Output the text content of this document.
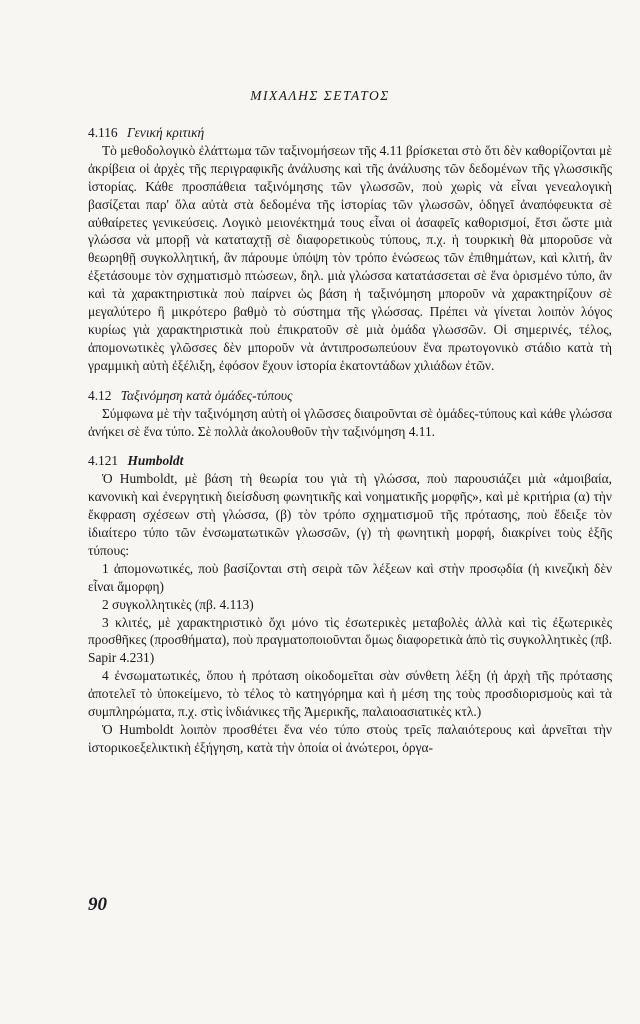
ΜΙΧΑΛΗΣ ΣΕΤΑΤΟΣ

4.116 Γενική κριτική

Τὸ μεθοδολογικὸ ἐλάττωμα τῶν ταξινομήσεων τῆς 4.11 βρίσκεται στὸ ὅτι δὲν καθορίζονται μὲ ἀκρίβεια οἱ ἀρχὲς τῆς περιγραφικῆς ἀνάλυσης καὶ τῆς ἀνάλυσης τῶν δεδομένων τῆς γλωσσικῆς ἱστορίας. Κάθε προσπάθεια ταξινόμησης τῶν γλωσσῶν, ποὺ χωρὶς νὰ εἶναι γενεαλογικὴ βασίζεται παρ' ὅλα αὐτὰ στὰ δεδομένα τῆς ἱστορίας τῶν γλωσσῶν, ὁδηγεῖ ἀναπόφευκτα σὲ αὐθαίρετες γενικεύσεις. Λογικὸ μειονέκτημά τους εἶναι οἱ ἀσαφεῖς καθορισμοί, ἔτσι ὥστε μιὰ γλώσσα νὰ μπορῇ νὰ καταταχτῇ σὲ διαφορετικοὺς τύπους, π.χ. ἡ τουρκικὴ θὰ μποροῦσε νὰ θεωρηθῇ συγκολλητική, ἂν πάρουμε ὑπόψη τὸν τρόπο ἑνώσεως τῶν ἐπιθημάτων, καὶ κλιτή, ἂν ἐξετάσουμε τὸν σχηματισμὸ πτώσεων, δηλ. μιὰ γλώσσα κατατάσσεται σὲ ἕνα ὁρισμένο τύπο, ἂν καὶ τὰ χαρακτηριστικὰ ποὺ παίρνει ὡς βάση ἡ ταξινόμηση μποροῦν νὰ χαρακτηρίζουν σὲ μεγαλύτερο ἢ μικρότερο βαθμὸ τὸ σύστημα τῆς γλώσσας. Πρέπει νὰ γίνεται λοιπὸν λόγος κυρίως γιὰ χαρακτηριστικὰ ποὺ ἐπικρατοῦν σὲ μιὰ ὁμάδα γλωσσῶν. Οἱ σημερινές, τέλος, ἀπομονωτικὲς γλῶσσες δὲν μποροῦν νὰ ἀντιπροσωπεύουν ἕνα πρωτογονικὸ στάδιο κατὰ τὴ γραμμικὴ αὐτὴ ἐξέλιξη, ἐφόσον ἔχουν ἱστορία ἑκατοντάδων χιλιάδων ἐτῶν.

4.12 Ταξινόμηση κατὰ ὁμάδες-τύπους

Σύμφωνα μὲ τὴν ταξινόμηση αὐτὴ οἱ γλῶσσες διαιροῦνται σὲ ὁμάδες-τύπους καὶ κάθε γλώσσα ἀνήκει σὲ ἕνα τύπο. Σὲ πολλὰ ἀκολουθοῦν τὴν ταξινόμηση 4.11.

4.121 Humboldt

Ὁ Humboldt, μὲ βάση τὴ θεωρία του γιὰ τὴ γλώσσα, ποὺ παρουσιάζει μιὰ «ἀμοιβαία, κανονικὴ καὶ ἐνεργητικὴ διείσδυση φωνητικῆς καὶ νοηματικῆς μορφῆς», καὶ μὲ κριτήρια (α) τὴν ἔκφραση σχέσεων στὴ γλώσσα, (β) τὸν τρόπο σχηματισμοῦ τῆς πρότασης, ποὺ ἔδειξε τὸν ἰδιαίτερο τύπο τῶν ἐνσωματωτικῶν γλωσσῶν, (γ) τὴ φωνητικὴ μορφή, διακρίνει τοὺς ἑξῆς τύπους:

1 ἀπομονωτικές, ποὺ βασίζονται στὴ σειρὰ τῶν λέξεων καὶ στὴν προσῳδία (ἡ κινεζικὴ δὲν εἶναι ἄμορφη)

2 συγκολλητικὲς (πβ. 4.113)

3 κλιτές, μὲ χαρακτηριστικὸ ὄχι μόνο τὶς ἐσωτερικὲς μεταβολὲς ἀλλὰ καὶ τὶς ἐξωτερικὲς προσθῆκες (προσθήματα), ποὺ πραγματοποιοῦνται ὅμως διαφορετικὰ ἀπὸ τὶς συγκολλητικὲς (πβ. Sapir 4.231)

4 ἐνσωματωτικές, ὅπου ἡ πρόταση οἰκοδομεῖται σὰν σύνθετη λέξη (ἡ ἀρχὴ τῆς πρότασης ἀποτελεῖ τὸ ὑποκείμενο, τὸ τέλος τὸ κατηγόρημα καὶ ἡ μέση της τοὺς προσδιορισμοὺς καὶ τὰ συμπληρώματα, π.χ. στὶς ἰνδιάνικες τῆς Ἀμερικῆς, παλαιοασιατικὲς κτλ.)

Ὁ Humboldt λοιπὸν προσθέτει ἕνα νέο τύπο στοὺς τρεῖς παλαιότερους καὶ ἀρνεῖται τὴν ἱστορικοεξελικτικὴ ἐξήγηση, κατὰ τὴν ὁποία οἱ ἀνώτεροι, ὀργα-

90
